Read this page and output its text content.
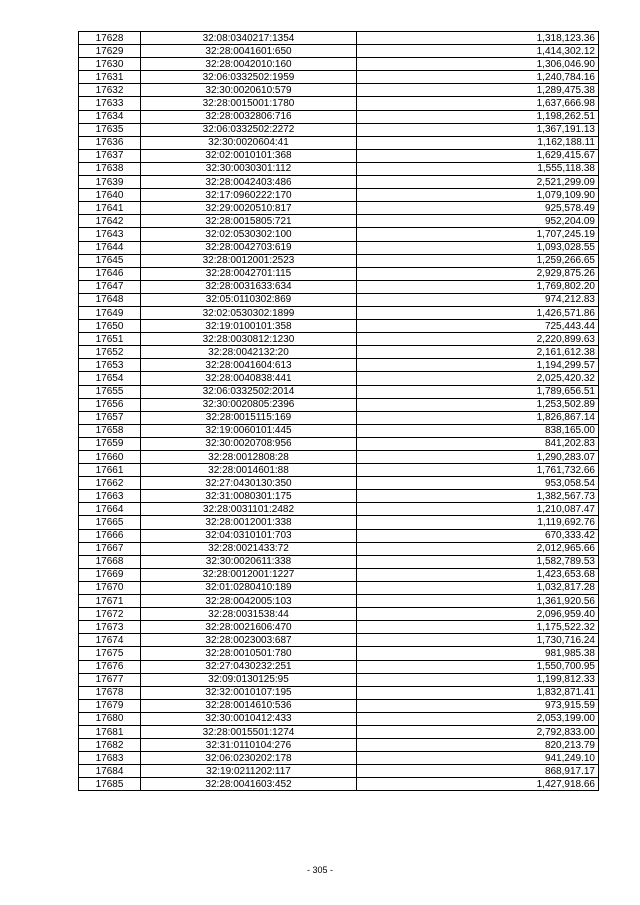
17628	32:08:0340217:1354	1,318,123.36
17629	32:28:0041601:650	1,414,302.12
17630	32:28:0042010:160	1,306,046.90
17631	32:06:0332502:1959	1,240,784.16
17632	32:30:0020610:579	1,289,475.38
17633	32:28:0015001:1780	1,637,666.98
17634	32:28:0032806:716	1,198,262.51
17635	32:06:0332502:2272	1,367,191.13
17636	32:30:0020604:41	1,162,188.11
17637	32:02:0010101:368	1,629,415.67
17638	32:30:0030301:112	1,555,118.38
17639	32:28:0042403:486	2,521,299.09
17640	32:17:0960222:170	1,079,109.90
17641	32:29:0020510:817	925,578.49
17642	32:28:0015805:721	952,204.09
17643	32:02:0530302:100	1,707,245.19
17644	32:28:0042703:619	1,093,028.55
17645	32:28:0012001:2523	1,259,266.65
17646	32:28:0042701:115	2,929,875.26
17647	32:28:0031633:634	1,769,802.20
17648	32:05:0110302:869	974,212.83
17649	32:02:0530302:1899	1,426,571.86
17650	32:19:0100101:358	725,443.44
17651	32:28:0030812:1230	2,220,899.63
17652	32:28:0042132:20	2,161,612.38
17653	32:28:0041604:613	1,194,299.57
17654	32:28:0040838:441	2,025,420.32
17655	32:06:0332502:2014	1,789,656.51
17656	32:30:0020805:2396	1,253,502.89
17657	32:28:0015115:169	1,826,867.14
17658	32:19:0060101:445	838,165.00
17659	32:30:0020708:956	841,202.83
17660	32:28:0012808:28	1,290,283.07
17661	32:28:0014601:88	1,761,732.66
17662	32:27:0430130:350	953,058.54
17663	32:31:0080301:175	1,382,567.73
17664	32:28:0031101:2482	1,210,087.47
17665	32:28:0012001:338	1,119,692.76
17666	32:04:0310101:703	670,333.42
17667	32:28:0021433:72	2,012,965.66
17668	32:30:0020611:338	1,582,789.53
17669	32:28:0012001:1227	1,423,653.68
17670	32:01:0280410:189	1,032,817.28
17671	32:28:0042005:103	1,361,920.56
17672	32:28:0031538:44	2,096,959.40
17673	32:28:0021606:470	1,175,522.32
17674	32:28:0023003:687	1,730,716.24
17675	32:28:0010501:780	981,985.38
17676	32:27:0430232:251	1,550,700.95
17677	32:09:0130125:95	1,199,812.33
17678	32:32:0010107:195	1,832,871.41
17679	32:28:0014610:536	973,915.59
17680	32:30:0010412:433	2,053,199.00
17681	32:28:0015501:1274	2,792,833.00
17682	32:31:0110104:276	820,213.79
17683	32:06:0230202:178	941,249.10
17684	32:19:0211202:117	868,917.17
17685	32:28:0041603:452	1,427,918.66
- 305 -
